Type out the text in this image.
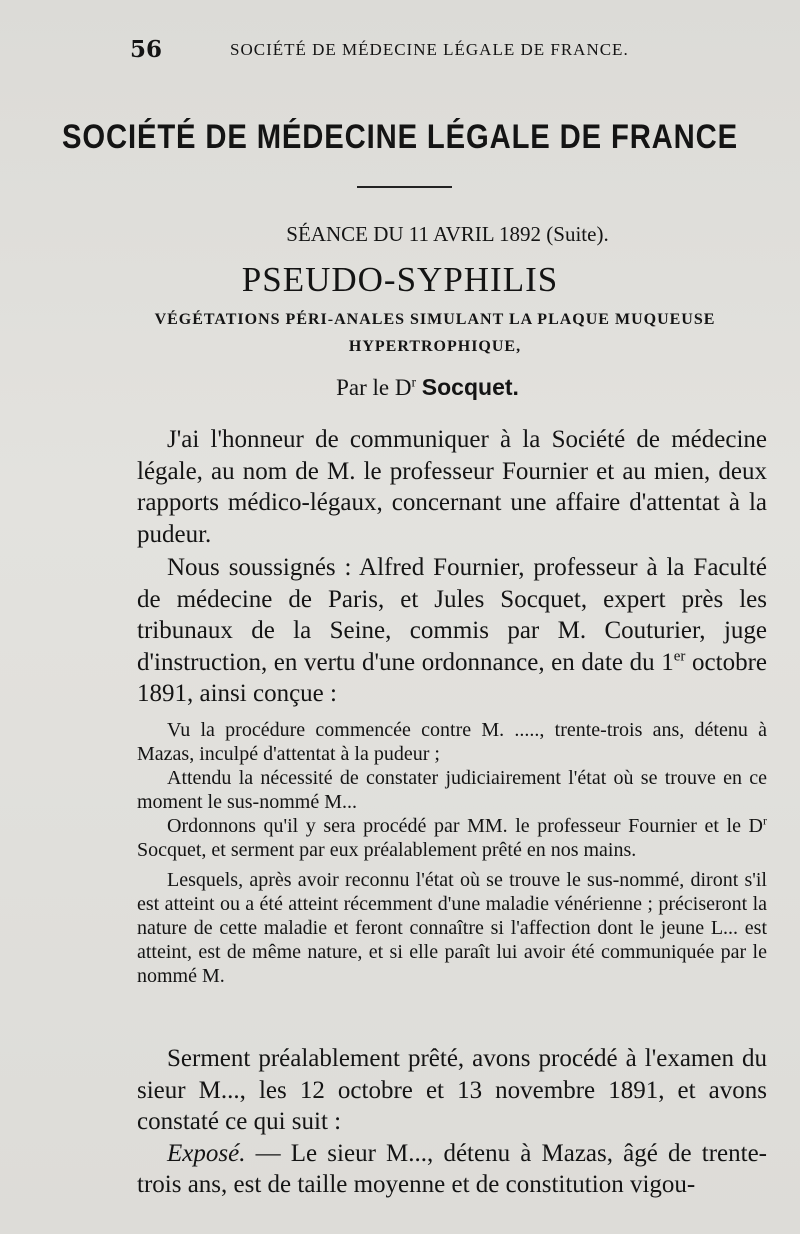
56	SOCIÉTÉ DE MÉDECINE LÉGALE DE FRANCE.
SOCIÉTÉ DE MÉDECINE LÉGALE DE FRANCE
SÉANCE DU 11 AVRIL 1892 (Suite).
PSEUDO-SYPHILIS
VÉGÉTATIONS PÉRI-ANALES SIMULANT LA PLAQUE MUQUEUSE
HYPERTROPHIQUE,
Par le $D^r$ Socquet.

J'ai l'honneur de communiquer à la Société de médecine légale, au nom de M. le professeur Fournier et au mien, deux rapports médico-légaux, concernant une affaire d'attentat à la pudeur.

Nous soussignés : Alfred Fournier, professeur à la Faculté de médecine de Paris, et Jules Socquet, expert près les tribunaux de la Seine, commis par M. Couturier, juge d'instruction, en vertu d'une ordonnance, en date du 1er octobre 1891, ainsi conçue :

Vu la procédure commencée contre M. ....., trente-trois ans, détenu à Mazas, inculpé d'attentat à la pudeur ;

Attendu la nécessité de constater judiciairement l'état où se trouve en ce moment le sus-nommé M...

Ordonnons qu'il y sera procédé par MM. le professeur Fournier et le $D^r$ Socquet, et serment par eux préalablement prêté en nos mains.

Lesquels, après avoir reconnu l'état où se trouve le sus-nommé, diront s'il est atteint ou a été atteint récemment d'une maladie vénérienne ; préciseront la nature de cette maladie et feront connaître si l'affection dont le jeune L... est atteint, est de même nature, et si elle paraît lui avoir été communiquée par le nommé M.

Serment préalablement prêté, avons procédé à l'examen du sieur M..., les 12 octobre et 13 novembre 1891, et avons constaté ce qui suit :

Exposé. — Le sieur M..., détenu à Mazas, âgé de trente-trois ans, est de taille moyenne et de constitution vigou-
